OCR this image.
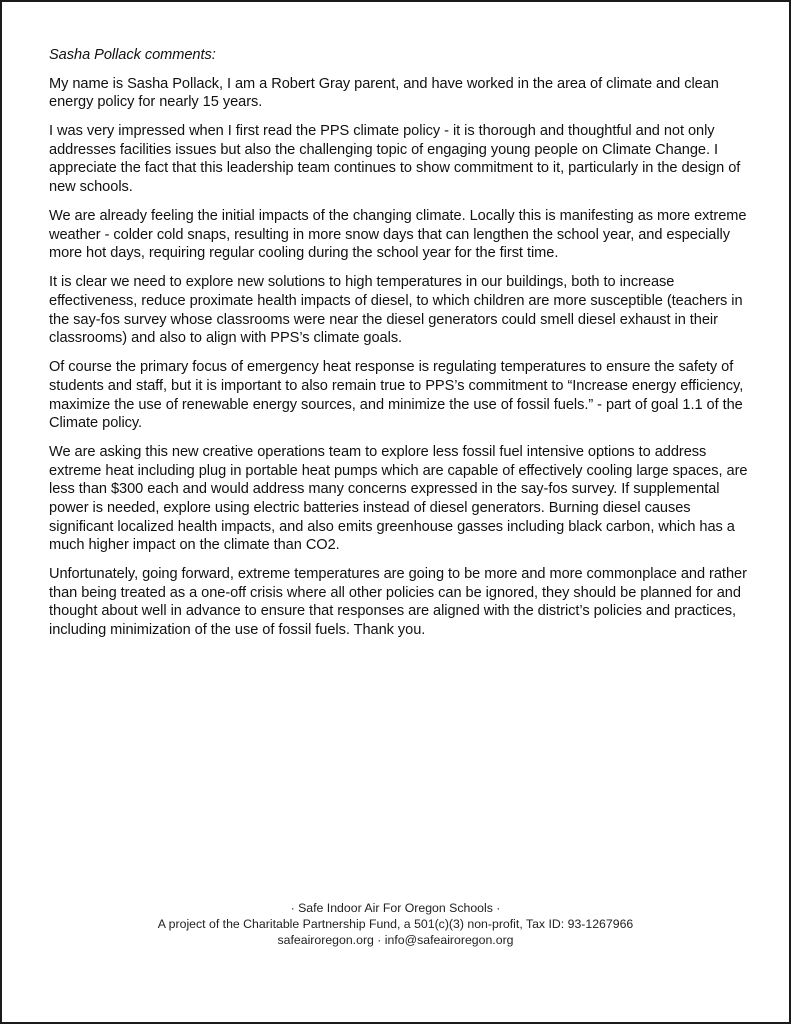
Sasha Pollack comments:

My name is Sasha Pollack, I am a Robert Gray parent, and have worked in the area of climate and clean energy policy for nearly 15 years.

I was very impressed when I first read the PPS climate policy - it is thorough and thoughtful and not only addresses facilities issues but also the challenging topic of engaging young people on Climate Change. I appreciate the fact that this leadership team continues to show commitment to it, particularly in the design of new schools.

We are already feeling the initial impacts of the changing climate. Locally this is manifesting as more extreme weather - colder cold snaps, resulting in more snow days that can lengthen the school year, and especially more hot days, requiring regular cooling during the school year for the first time.

It is clear we need to explore new solutions to high temperatures in our buildings, both to increase effectiveness, reduce proximate health impacts of diesel, to which children are more susceptible (teachers in the say-fos survey whose classrooms were near the diesel generators could smell diesel exhaust in their classrooms) and also to align with PPS’s climate goals.

Of course the primary focus of emergency heat response is regulating temperatures to ensure the safety of students and staff, but it is important to also remain true to PPS’s commitment to “Increase energy efficiency, maximize the use of renewable energy sources, and minimize the use of fossil fuels.” - part of goal 1.1 of the Climate policy.

We are asking this new creative operations team to explore less fossil fuel intensive options to address extreme heat including plug in portable heat pumps which are capable of effectively cooling large spaces, are less than $300 each and would address many concerns expressed in the say-fos survey. If supplemental power is needed, explore using electric batteries instead of diesel generators. Burning diesel causes significant localized health impacts, and also emits greenhouse gasses including black carbon, which has a much higher impact on the climate than CO2.

Unfortunately, going forward, extreme temperatures are going to be more and more commonplace and rather than being treated as a one-off crisis where all other policies can be ignored, they should be planned for and thought about well in advance to ensure that responses are aligned with the district’s policies and practices, including minimization of the use of fossil fuels. Thank you.

· Safe Indoor Air For Oregon Schools ·
A project of the Charitable Partnership Fund, a 501(c)(3) non-profit, Tax ID: 93-1267966
safeairoregon.org · info@safeairoregon.org
